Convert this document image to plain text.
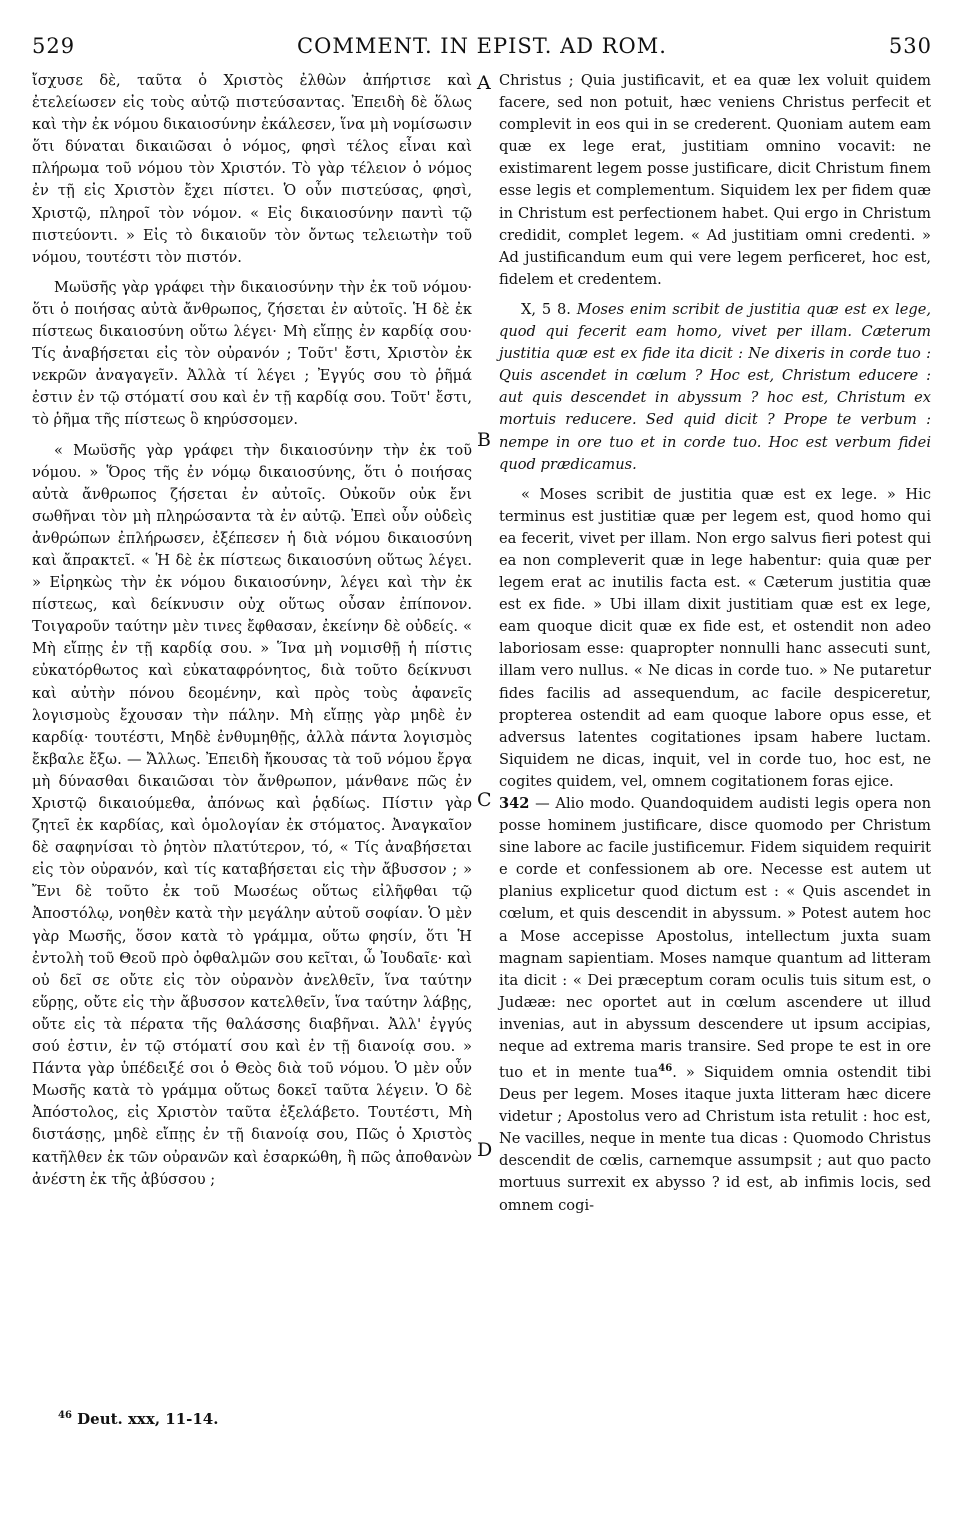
529	COMMENT. IN EPIST. AD ROM.	530

ἴσχυσε δὲ, ταῦτα ὁ Χριστὸς ἐλθὼν ἀπήρτισε καὶ ἐτελείωσεν εἰς τοὺς αὐτῷ πιστεύσαντας. Ἐπειδὴ δὲ ὅλως καὶ τὴν ἐκ νόμου δικαιοσύνην ἐκάλεσεν, ἵνα μὴ νομίσωσιν ὅτι δύναται δικαιῶσαι ὁ νόμος, φησὶ τέλος εἶναι καὶ πλήρωμα τοῦ νόμου τὸν Χριστόν. Τὸ γὰρ τέλειον ὁ νόμος ἐν τῇ εἰς Χριστὸν ἔχει πίστει. Ὁ οὖν πιστεύσας, φησὶ, Χριστῷ, πληροῖ τὸν νόμον. « Εἰς δικαιοσύνην παντὶ τῷ πιστεύοντι. » Εἰς τὸ δικαιοῦν τὸν ὄντως τελειωτὴν τοῦ νόμου, τουτέστι τὸν πιστόν.

Μωϋσῆς γὰρ γράφει τὴν δικαιοσύνην τὴν ἐκ τοῦ νόμου· ὅτι ὁ ποιήσας αὐτὰ ἄνθρωπος, ζήσεται ἐν αὐτοῖς. Ἡ δὲ ἐκ πίστεως δικαιοσύνη οὕτω λέγει· Μὴ εἴπῃς ἐν καρδίᾳ σου· Τίς ἀναβήσεται εἰς τὸν οὐρανόν ; Τοῦτ' ἔστι, Χριστὸν ἐκ νεκρῶν ἀναγαγεῖν. Ἀλλὰ τί λέγει ; Ἐγγύς σου τὸ ῥῆμά ἐστιν ἐν τῷ στόματί σου καὶ ἐν τῇ καρδίᾳ σου. Τοῦτ' ἔστι, τὸ ῥῆμα τῆς πίστεως ὃ κηρύσσομεν.

« Μωϋσῆς γὰρ γράφει τὴν δικαιοσύνην τὴν ἐκ τοῦ νόμου. » Ὅρος τῆς ἐν νόμῳ δικαιοσύνης, ὅτι ὁ ποιήσας αὐτὰ ἄνθρωπος ζήσεται ἐν αὐτοῖς. Οὐκοῦν οὐκ ἔνι σωθῆναι τὸν μὴ πληρώσαντα τὰ ἐν αὐτῷ. Ἐπεὶ οὖν οὐδεὶς ἀνθρώπων ἐπλήρωσεν, ἐξέπεσεν ἡ διὰ νόμου δικαιοσύνη καὶ ἄπρακτεῖ. « Ἡ δὲ ἐκ πίστεως δικαιοσύνη οὕτως λέγει. » Εἰρηκὼς τὴν ἐκ νόμου δικαιοσύνην, λέγει καὶ τὴν ἐκ πίστεως, καὶ δείκνυσιν οὐχ οὕτως οὖσαν ἐπίπονον. Τοιγαροῦν ταύτην μὲν τινες ἔφθασαν, ἐκείνην δὲ οὐδείς. « Μὴ εἴπῃς ἐν τῇ καρδίᾳ σου. » Ἵνα μὴ νομισθῇ ἡ πίστις εὐκατόρθωτος καὶ εὐκαταφρόνητος, διὰ τοῦτο δείκνυσι καὶ αὐτὴν πόνου δεομένην, καὶ πρὸς τοὺς ἀφανεῖς λογισμοὺς ἔχουσαν τὴν πάλην. Μὴ εἴπῃς γὰρ μηδὲ ἐν καρδίᾳ· τουτέστι, Μηδὲ ἐνθυμηθῇς, ἀλλὰ πάντα λογισμὸς ἔκβαλε ἔξω. — Ἄλλως. Ἐπειδὴ ἤκουσας τὰ τοῦ νόμου ἔργα μὴ δύνασθαι δικαιῶσαι τὸν ἄνθρωπον, μάνθανε πῶς ἐν Χριστῷ δικαιούμεθα, ἀπόνως καὶ ῥᾳδίως. Πίστιν γὰρ ζητεῖ ἐκ καρδίας, καὶ ὁμολογίαν ἐκ στόματος. Ἀναγκαῖον δὲ σαφηνίσαι τὸ ῥητὸν πλατύτερον, τό, « Τίς ἀναβήσεται εἰς τὸν οὐρανόν, καὶ τίς καταβήσεται εἰς τὴν ἄβυσσον ; » Ἔνι δὲ τοῦτο ἐκ τοῦ Μωσέως οὕτως εἰλῆφθαι τῷ Ἀποστόλῳ, νοηθὲν κατὰ τὴν μεγάλην αὐτοῦ σοφίαν. Ὁ μὲν γὰρ Μωσῆς, ὅσον κατὰ τὸ γράμμα, οὕτω φησίν, ὅτι Ἡ ἐντολὴ τοῦ Θεοῦ πρὸ ὀφθαλμῶν σου κεῖται, ὦ Ἰουδαῖε· καὶ οὐ δεῖ σε οὔτε εἰς τὸν οὐρανὸν ἀνελθεῖν, ἵνα ταύτην εὕρῃς, οὔτε εἰς τὴν ἄβυσσον κατελθεῖν, ἵνα ταύτην λάβῃς, οὔτε εἰς τὰ πέρατα τῆς θαλάσσης διαβῆναι. Ἀλλ' ἐγγύς σού ἐστιν, ἐν τῷ στόματί σου καὶ ἐν τῇ διανοίᾳ σου. » Πάντα γὰρ ὑπέδειξέ σοι ὁ Θεὸς διὰ τοῦ νόμου. Ὁ μὲν οὖν Μωσῆς κατὰ τὸ γράμμα οὕτως δοκεῖ ταῦτα λέγειν. Ὁ δὲ Ἀπόστολος, εἰς Χριστὸν ταῦτα ἐξελάβετο. Τουτέστι, Μὴ διστάσῃς, μηδὲ εἴπῃς ἐν τῇ διανοίᾳ σου, Πῶς ὁ Χριστὸς κατῆλθεν ἐκ τῶν οὐρανῶν καὶ ἐσαρκώθη, ἢ πῶς ἀποθανὼν ἀνέστη ἐκ τῆς ἀβύσσου ;

A
B
C
D

Christus ; Quia justificavit, et ea quæ lex voluit quidem facere, sed non potuit, hæc veniens Christus perfecit et complevit in eos qui in se crederent. Quoniam autem eam quæ ex lege erat, justitiam omnino vocavit: ne existimarent legem posse justificare, dicit Christum finem esse legis et complementum. Siquidem lex per fidem quæ in Christum est perfectionem habet. Qui ergo in Christum credidit, complet legem. « Ad justitiam omni credenti. » Ad justificandum eum qui vere legem perficeret, hoc est, fidelem et credentem.

X, 5 8. Moses enim scribit de justitia quæ est ex lege, quod qui fecerit eam homo, vivet per illam. Cæterum justitia quæ est ex fide ita dicit : Ne dixeris in corde tuo : Quis ascendet in cœlum ? Hoc est, Christum educere : aut quis descendet in abyssum ? hoc est, Christum ex mortuis reducere. Sed quid dicit ? Prope te verbum : nempe in ore tuo et in corde tuo. Hoc est verbum fidei quod prædicamus.

« Moses scribit de justitia quæ est ex lege. » Hic terminus est justitiæ quæ per legem est, quod homo qui ea fecerit, vivet per illam. Non ergo salvus fieri potest qui ea non compleverit quæ in lege habentur: quia quæ per legem erat ac inutilis facta est. « Cæterum justitia quæ est ex fide. » Ubi illam dixit justitiam quæ est ex lege, eam quoque dicit quæ ex fide est, et ostendit non adeo laboriosam esse: quapropter nonnulli hanc assecuti sunt, illam vero nullus. « Ne dicas in corde tuo. » Ne putaretur fides facilis ad assequendum, ac facile despiceretur, propterea ostendit ad eam quoque labore opus esse, et adversus latentes cogitationes ipsam habere luctam. Siquidem ne dicas, inquit, vel in corde tuo, hoc est, ne cogites quidem, vel, omnem cogitationem foras ejice.
342 — Alio modo. Quandoquidem audisti legis opera non posse hominem justificare, disce quomodo per Christum sine labore ac facile justificemur. Fidem siquidem requirit e corde et confessionem ab ore. Necesse est autem ut planius explicetur quod dictum est : « Quis ascendet in cœlum, et quis descendit in abyssum. » Potest autem hoc a Mose accepisse Apostolus, intellectum juxta suam magnam sapientiam. Moses namque quantum ad litteram ita dicit : « Dei præceptum coram oculis tuis situm est, o Judææ: nec oportet aut in cœlum ascendere ut illud invenias, aut in abyssum descendere ut ipsum accipias, neque ad extrema maris transire. Sed prope te est in ore tuo et in mente tua$^{46}$. » Siquidem omnia ostendit tibi Deus per legem. Moses itaque juxta litteram hæc dicere videtur ; Apostolus vero ad Christum ista retulit : hoc est, Ne vacilles, neque in mente tua dicas : Quomodo Christus descendit de cœlis, carnemque assumpsit ; aut quo pacto mortuus surrexit ex abysso ? id est, ab infimis locis, sed omnem cogi-

$^{46}$ Deut. xxx, 11-14.
